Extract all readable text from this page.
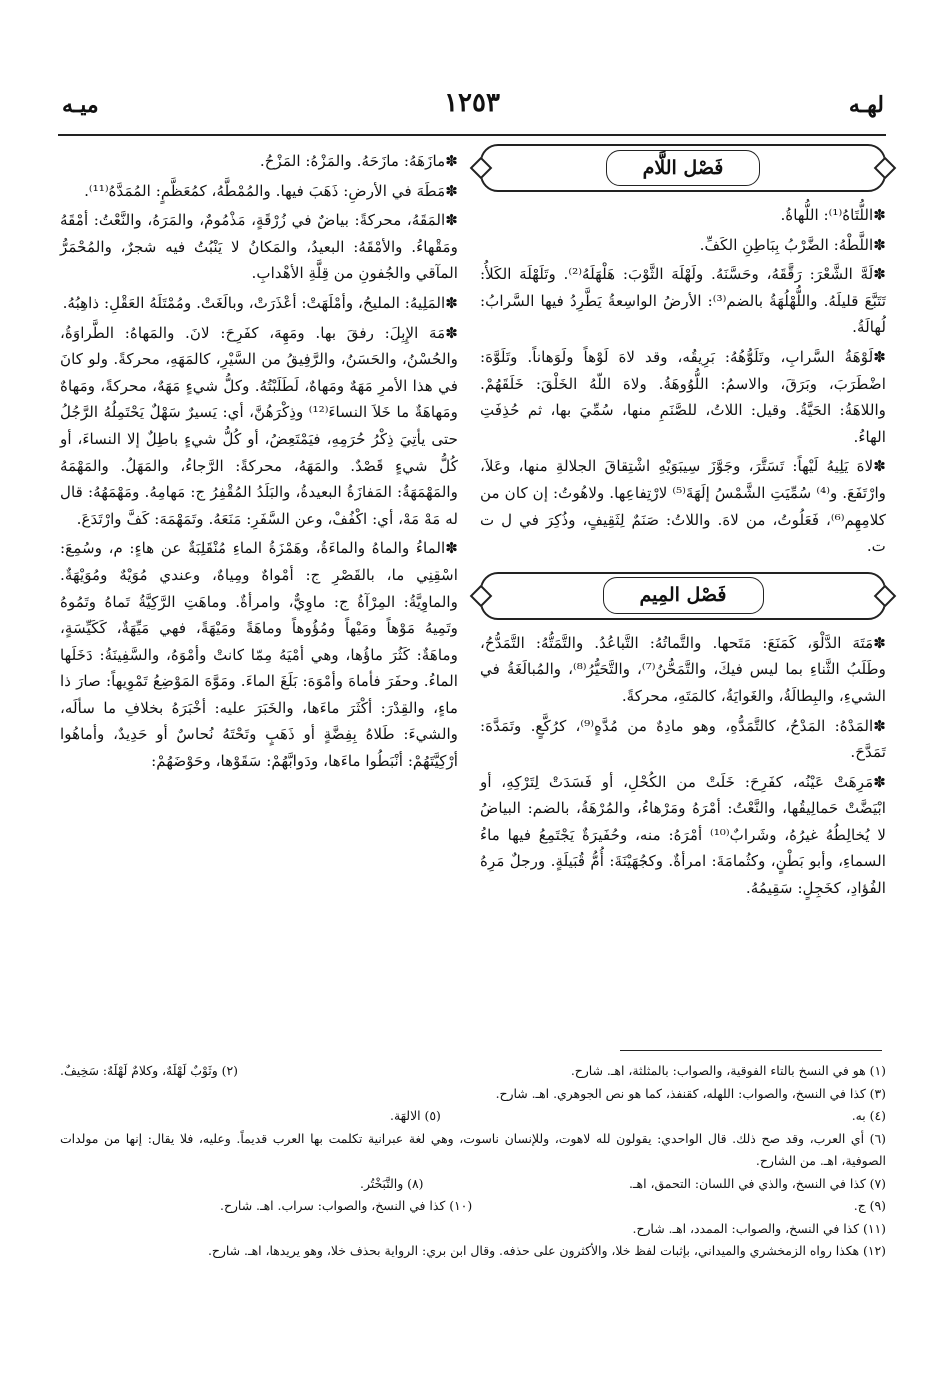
لهـه
١٢٥٣
ميـه
فَصْل اللَّام

✽اللُّتَاهُ⁽¹⁾: اللُّهاةُ.

✽اللَّطْهُ: الضَّرْبُ بِبَاطِنِ الكَفِّ.

✽لَهَّ الشَّعْرَ: رَقَّقَهُ، وحَسَّنَهُ. ولَهْلَهَ الثَّوْبَ: هَلْهَلَهُ⁽²⁾. وتَلَهْلَهَ الكَلأُ: تَتَبَّعَ قليلَهُ. واللُّهْلُهَةُ بالضم⁽³⁾: الأرضُ الواسِعةُ يَطَّرِدُ فيها السَّرابُ: لُهالَةُ.

✽لَوْهَةُ السَّرابِ، وتَلَوُّهُهُ: بَرِيقُه، وقد لاهَ لَوْهاً ولَوَهاناً. وتَلَوَّهَ: اضْطَرَبَ، وبَرَقَ، والاسمُ: اللُّوُوهَةُ. ولاهَ اللّهُ الخَلْقَ: خَلَقَهُمْ. واللاهَةُ: الحَيَّةُ. وقيل: اللاتُ، للصَّنَمِ منها، سُمِّيَ بها، ثم حُذِفَتِ الهاءُ.

✽لاهَ يَلِيهُ لَيْهاً: تَسَتَّرَ، وجَوَّزَ سِيبَوَيْهِ اشْتِقاقَ الجلالةِ منها، وعَلاَ، وارْتَفَعَ. و⁽⁴⁾ سُمِّيَتِ الشَّمْسُ إلَهَةَ⁽⁵⁾ لارْتِفاعِها. ولاهُوتُ: إن كان من كلامِهِم⁽⁶⁾، فَعَلُوتُ، من لاهَ. واللاتُ: صَنَمٌ لِثَقِيفٍ، وذُكِرَ في ل ت ت.

فَصْل المِيم

✽مَتَهَ الدَّلْوَ، كَمَنَعَ: مَتَحها. والتَّماتُهُ: التَّباعُدُ. والتَّمَتُّهُ: التَّمَدُّحُ، وطَلَبُ الثَّناءِ بما ليس فيكَ، والتَّمَحُّنُ⁽⁷⁾، والتَّحَيُّرُ⁽⁸⁾، والمُبالَغَةُ في الشيءِ، والبِطالَةُ، والغَوايَةُ، كالمَتَهِ، محركةً.

✽المَدْهُ: المَدْحُ، كالتَّمَدُّهِ، وهو مادِهٌ من مُدَّهٍ⁽⁹⁾، كرُكَّعٍ. وتَمَدَّهَ: تَمَدَّحَ.

✽مَرِهَتْ عَيْنُه، كفَرِحَ: خَلَتْ من الكُحْلِ، أو فَسَدَتْ لِتَرْكِهِ، أو ابْيَضَّتْ حَمالِيقُها، والنَّعْتُ: أمْرَهُ ومَرْهاءُ، والمُرْهَةُ، بالضم: البياضُ لا يُخالِطُهُ غيرُهُ، وشَرابٌ⁽¹⁰⁾ أمْرَهُ: منه، وحُفَيرَةٌ يَجْتَمِعُ فيها ماءُ السماءِ، وأبو بَطْنٍ، وكثُمامَةَ: امرأةٌ. وكجُهَيْنَةَ: أُمُّ قُبَيلَةٍ. ورجلٌ مَرِهُ الفُؤادِ، كخَجِلٍ: سَقِيمُهُ.

✽مازَهَهُ: مازَحَهُ. والمَزْهُ: المَزْحُ.

✽مَطَهَ في الأرضِ: ذَهَبَ فيها. والمُمْطَّهُ، كمُعَظَّمٍ: المُمَدَّهُ⁽¹¹⁾.

✽المَقَهُ، محركةً: بياضٌ في زُرْقَةٍ، مَذْمُومٌ، والمَرَهُ، والنَّعْتُ: أمْقَهُ ومَقْهاءُ. والأمْقَهُ: البعيدُ، والمَكانُ لا يَنْبُتُ فيه شجرٌ، والمُحْمَرُّ المآقي والجُفونِ من قِلَّةِ الأهْدابِ.

✽المَلِيهُ: المليحُ، وأمْلَهَتْ: أعْذَرَتْ، وبالَغَتْ. ومُمْتَلَهُ العَقْلِ: ذاهِبُهُ.

✽مَهَ الإِبِلَ: رفقَ بها. ومَهِهَ، كفَرِحَ: لانَ. والمَهاهُ: الطَّراوَةُ، والحُسْنُ، والحَسَنُ، والرَّفِيقُ من السَّيْرِ، كالمَهَهِ، محركةً. ولو كانَ في هذا الأمرِ مَهَهٌ ومَهاهٌ، لَطَلَبْتُهُ. وكلُّ شيءٍ مَهَهٌ، محركةً، ومَهاهٌ ومَهاهَةٌ ما خَلاَ النساءَ⁽¹²⁾ وذِكْرَهُنَّ، أي: يَسيرٌ سَهْلٌ يَحْتَمِلُهُ الرَّجُلُ حتى يأتِيَ ذِكْرُ حُرَمِهِ، فيَمْتَعِضُ، أو كُلُّ شيءٍ باطِلٌ إلا النساءَ، أو كُلُّ شيءٍ قَصْدٌ. والمَهَهُ، محركةً: الرَّجاءُ، والمَهَلُ. والمَهْمَهُ والمَهْمَهَةُ: المَفازَةُ البعيدةُ، والبَلَدُ المُقْفِرُ ج: مَهامِهُ. ومَهْمَهُهُ: قال له مَهْ مَهْ، أي: اكْفُفْ، وعن السَّفَرِ: مَنَعَهُ. وتَمَهْمَهَ: كَفَّ وارْتَدَعَ.

✽الماءُ والماهُ والماءَةُ، وهَمْزَةُ الماءِ مُنْقَلِبَةٌ عن هاءٍ: م، وسُمِعَ: اسْقِنِي ما، بالقَصْرِ ج: أمْواهٌ ومِياهٌ، وعندي مُوَيْهٌ ومُوَيْهَةٌ. والماوِيَّةُ: المِرْآةُ ج: ماوِيٌّ، وامرأةٌ. وماهَتِ الرَّكِيَّةُ تَماهُ وتَمُوهُ وتَمِيهُ مَوْهاً ومَيْهاً ومُؤُوهاً وماهَةً ومَيْهَةً، فهي مَيِّهَةٌ، كَكَيِّسَةٍ، وماهَةٌ: كَثُرَ ماؤُها، وهي أمْيَهُ مِمّا كانتْ وأمْوَهُ، والسَّفِينَةُ: دَخَلَها الماءُ. وحفَرَ فأماهَ وأمْوَهَ: بَلَغَ الماءَ. ومَوَّهَ المَوْضِعُ تَمْوِيهاً: صارَ ذا ماءٍ، والقِدْرَ: أكْثَرَ ماءَها، والخَبَرَ عليه: أخْبَرَهُ بخلافِ ما سألَه، والشيءَ: طَلاهُ بِفِضَّةٍ أو ذَهَبٍ وتَحْتَهُ نُحاسٌ أو حَدِيدٌ، وأماهُوا أرْكِيَّتَهُمْ: أنْبَطُوا ماءَها، ودَوابَّهُمْ: سَقَوْها، وحَوْضَهُمْ:

(١) هو في النسخ بالتاء الفوقية، والصواب: بالمثلثة، اهـ. شارح.
(٢) وثَوْبٌ لَهْلَهٌ، وكلامٌ لَهْلَهٌ: سَخِيفٌ.
(٣) كذا في النسخ، والصواب: اللهله، كقنفذ، كما هو نص الجوهري. اهـ. شارح.
(٤) به.
(٥) الالهَة.
(٦) أي العرب، وقد صح ذلك. قال الواحدي: يقولون لله لاهوت، وللإنسان ناسوت، وهي لغة عبرانية تكلمت بها العرب قديماً. وعليه، فلا يقال: إنها من مولدات الصوفية، اهـ. من الشارح.
(٧) كذا في النسخ، والذي في اللسان: التحمق، اهـ.
(٨) والتَّبَخْتُر.
(٩) ج.
(١٠) كذا في النسخ، والصواب: سراب. اهـ. شارح.
(١١) كذا في النسخ، والصواب: الممدد، اهـ. شارح.
(١٢) هكذا رواه الزمخشري والميداني، بإثبات لفظ خلا، والأكثرون على حذفه. وقال ابن بري: الرواية بحذف خلا، وهو يريدها، اهـ. شارح.
